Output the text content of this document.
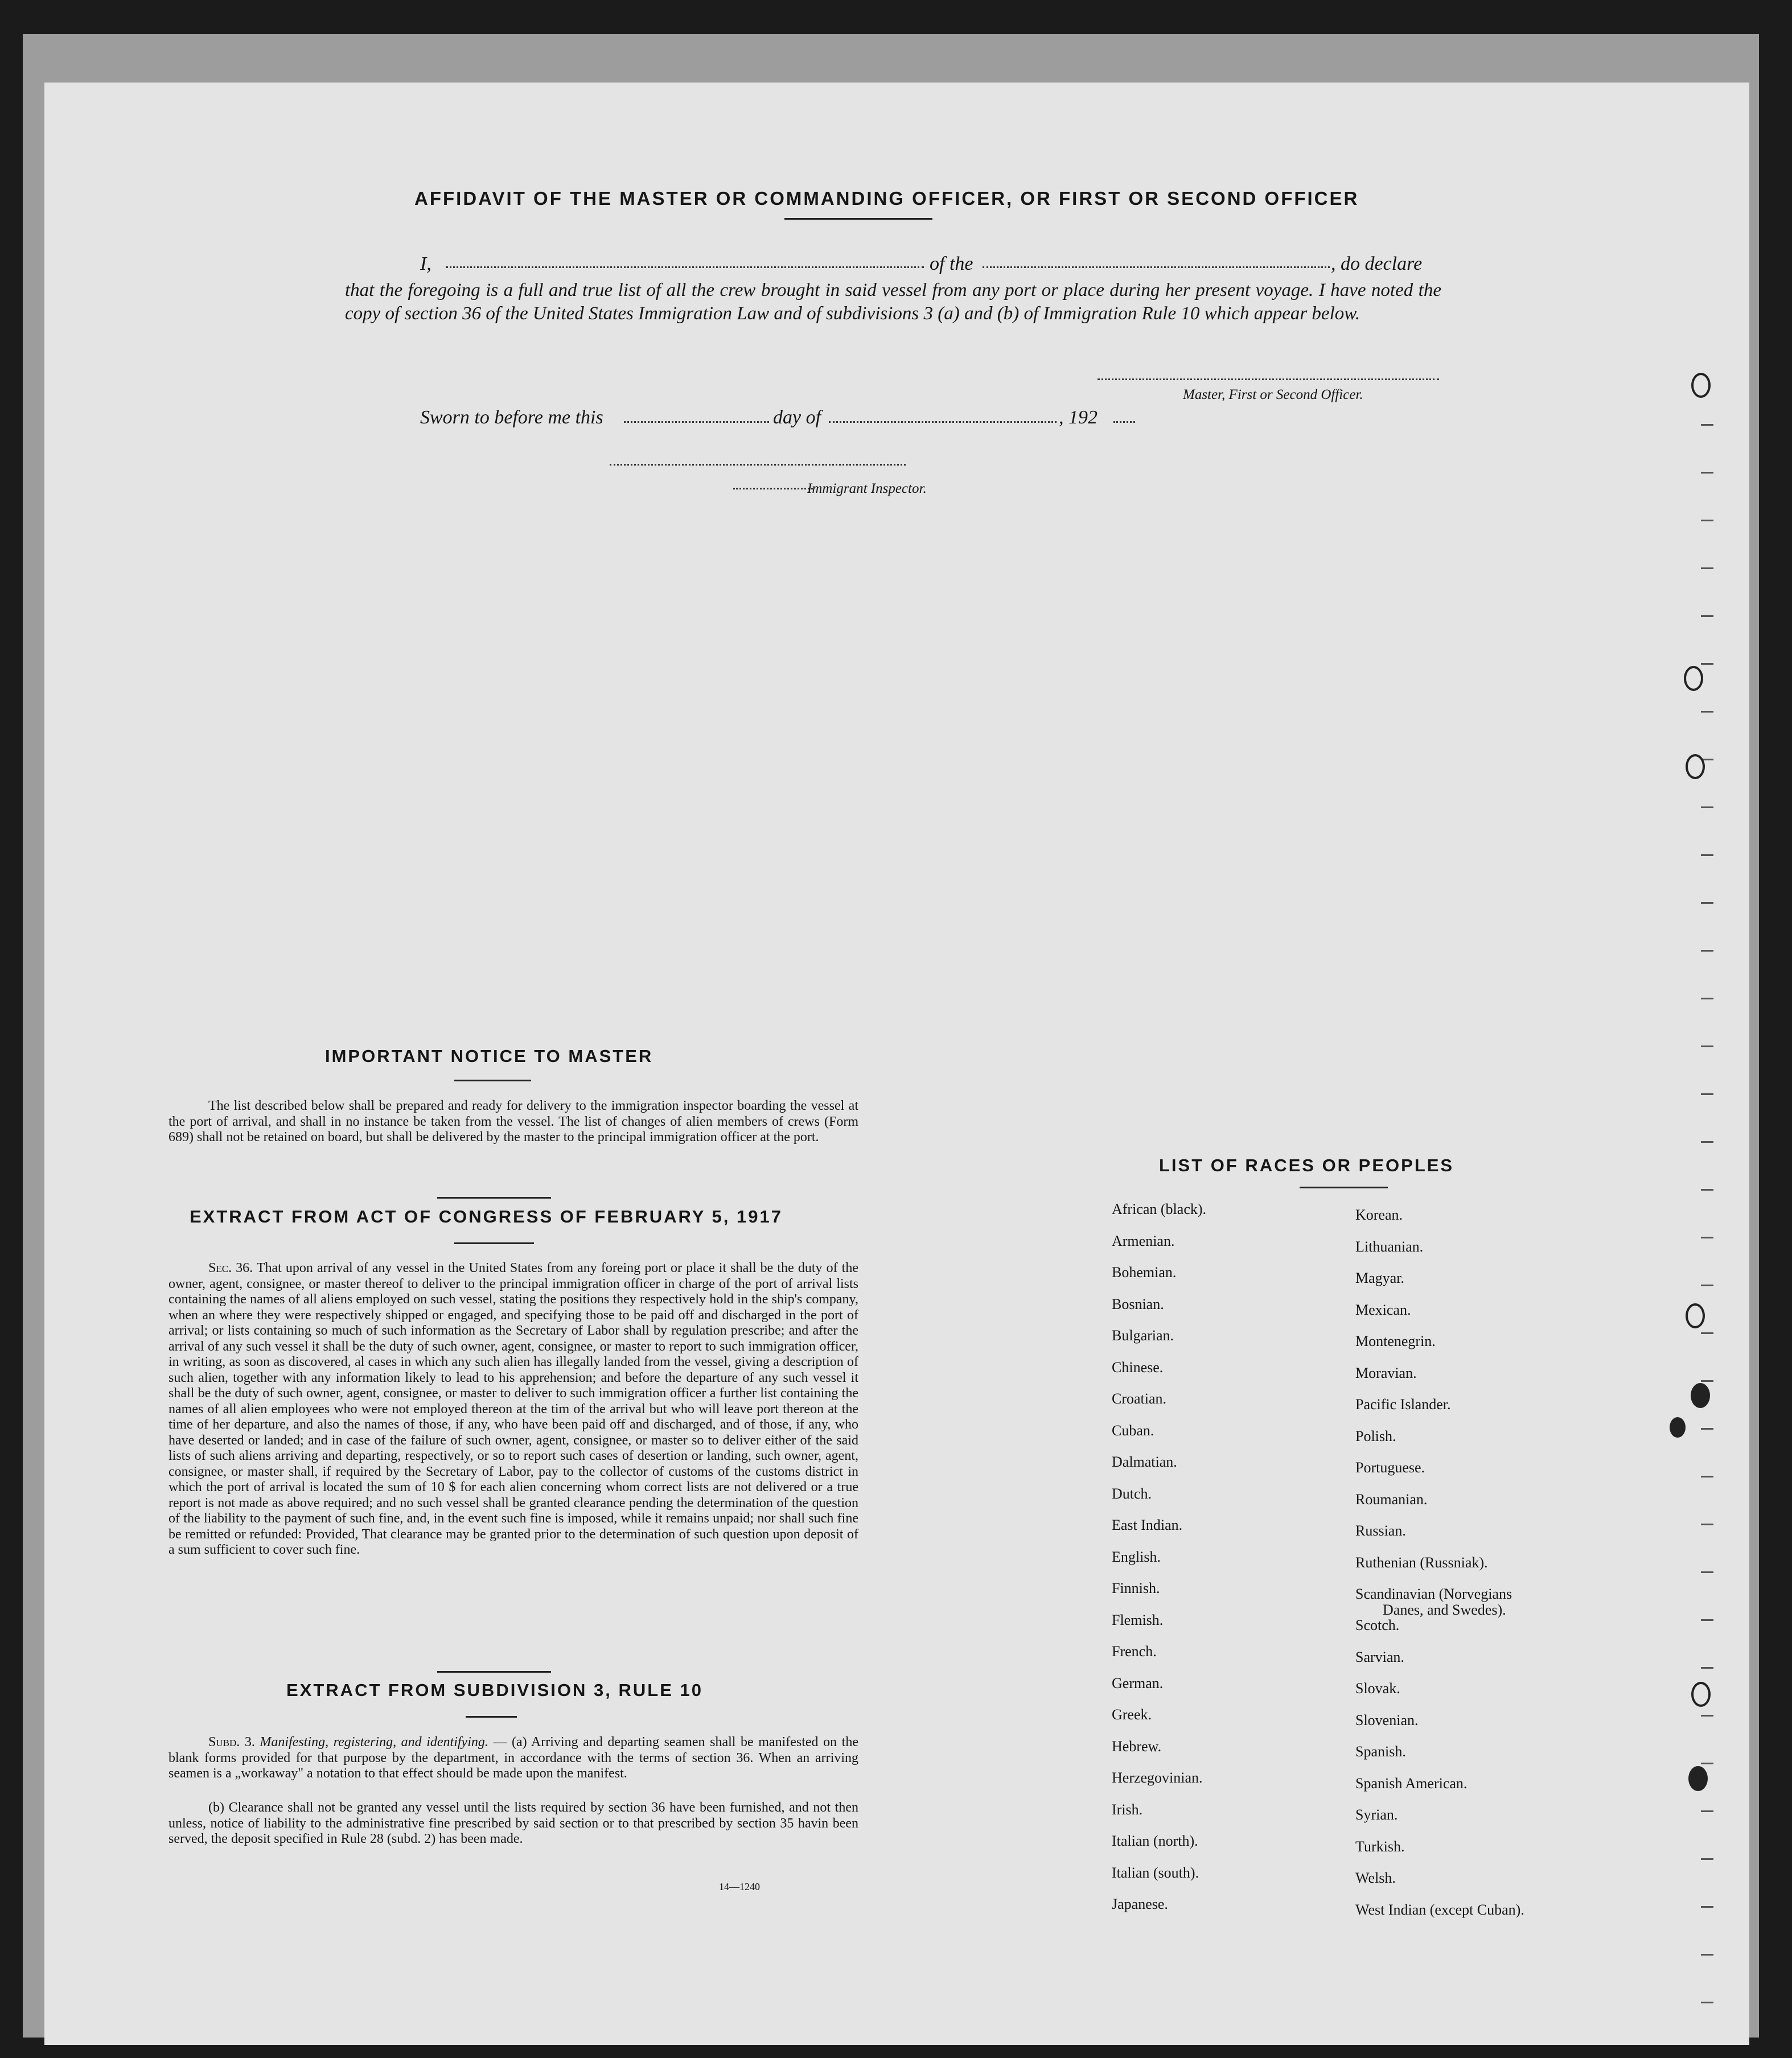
AFFIDAVIT OF THE MASTER OR COMMANDING OFFICER, OR FIRST OR SECOND OFFICER
I,	of the	, do declare
that the foregoing is a full and true list of all the crew brought in said vessel from any port or place during her present voyage. I have noted the copy of section 36 of the United States Immigration Law and of subdivisions 3 (a) and (b) of Immigration Rule 10 which appear below.
Master, First or Second Officer.
Sworn to before me this	day of	, 192
Immigrant Inspector.
IMPORTANT NOTICE TO MASTER
The list described below shall be prepared and ready for delivery to the immigration inspector boarding the vessel at the port of arrival, and shall in no instance be taken from the vessel. The list of changes of alien members of crews (Form 689) shall not be retained on board, but shall be delivered by the master to the principal immigration officer at the port.
EXTRACT FROM ACT OF CONGRESS OF FEBRUARY 5, 1917
Sec. 36. That upon arrival of any vessel in the United States from any foreing port or place it shall be the duty of the owner, agent, consignee, or master thereof to deliver to the principal immigration officer in charge of the port of arrival lists containing the names of all aliens employed on such vessel, stating the positions they respectively hold in the ship's company, when an where they were respectively shipped or engaged, and specifying those to be paid off and discharged in the port of arrival; or lists containing so much of such information as the Secretary of Labor shall by regulation prescribe; and after the arrival of any such vessel it shall be the duty of such owner, agent, consignee, or master to report to such immigration officer, in writing, as soon as discovered, al cases in which any such alien has illegally landed from the vessel, giving a description of such alien, together with any information likely to lead to his apprehension; and before the departure of any such vessel it shall be the duty of such owner, agent, consignee, or master to deliver to such immigration officer a further list containing the names of all alien employees who were not employed thereon at the tim of the arrival but who will leave port thereon at the time of her departure, and also the names of those, if any, who have been paid off and discharged, and of those, if any, who have deserted or landed; and in case of the failure of such owner, agent, consignee, or master so to deliver either of the said lists of such aliens arriving and departing, respectively, or so to report such cases of desertion or landing, such owner, agent, consignee, or master shall, if required by the Secretary of Labor, pay to the collector of customs of the customs district in which the port of arrival is located the sum of 10 $ for each alien concerning whom correct lists are not delivered or a true report is not made as above required; and no such vessel shall be granted clearance pending the determination of the question of the liability to the payment of such fine, and, in the event such fine is imposed, while it remains unpaid; nor shall such fine be remitted or refunded: Provided, That clearance may be granted prior to the determination of such question upon deposit of a sum sufficient to cover such fine.
EXTRACT FROM SUBDIVISION 3, RULE 10
Subd. 3. Manifesting, registering, and identifying. — (a) Arriving and departing seamen shall be manifested on the blank forms provided for that purpose by the department, in accordance with the terms of section 36. When an arriving seamen is a „workaway" a notation to that effect should be made upon the manifest.
(b) Clearance shall not be granted any vessel until the lists required by section 36 have been furnished, and not then unless, notice of liability to the administrative fine prescribed by said section or to that prescribed by section 35 havin been served, the deposit specified in Rule 28 (subd. 2) has been made.
14—1240
LIST OF RACES OR PEOPLES
African (black).
Armenian.
Bohemian.
Bosnian.
Bulgarian.
Chinese.
Croatian.
Cuban.
Dalmatian.
Dutch.
East Indian.
English.
Finnish.
Flemish.
French.
German.
Greek.
Hebrew.
Herzegovinian.
Irish.
Italian (north).
Italian (south).
Japanese.
Korean.
Lithuanian.
Magyar.
Mexican.
Montenegrin.
Moravian.
Pacific Islander.
Polish.
Portuguese.
Roumanian.
Russian.
Ruthenian (Russniak).
Scandinavian (Norvegians
Danes, and Swedes).
Scotch.
Sarvian.
Slovak.
Slovenian.
Spanish.
Spanish American.
Syrian.
Turkish.
Welsh.
West Indian (except Cuban).
